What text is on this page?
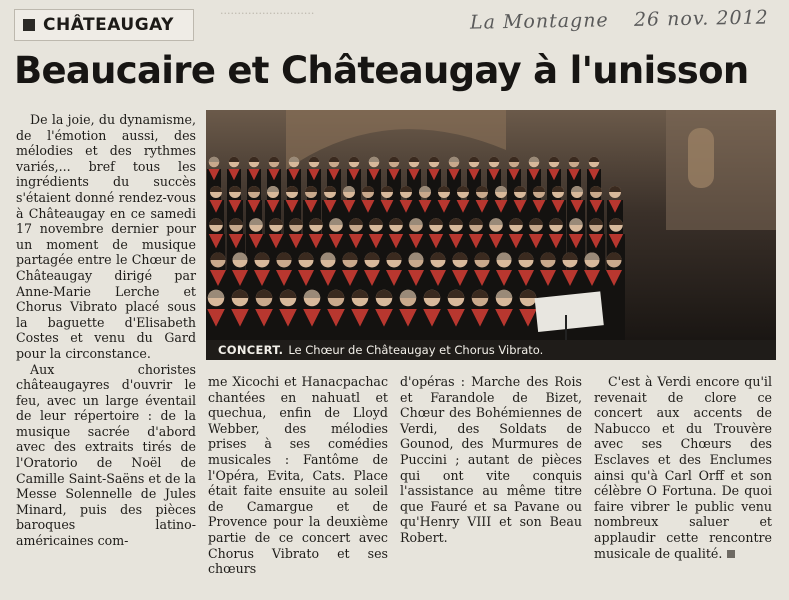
...........................
CHÂTEAUGAY	La Montagne 26 nov. 2012
Beaucaire et Châteaugay à l'unisson

De la joie, du dynamisme, de l'émotion aussi, des mélodies et des rythmes variés,... bref tous les ingrédients du succès s'étaient donné rendez-vous à Châteaugay en ce samedi 17 novembre dernier pour un moment de musique partagée entre le Chœur de Châteaugay dirigé par Anne-Marie Lerche et Chorus Vibrato placé sous la baguette d'Elisabeth Costes et venu du Gard pour la circonstance.

Aux choristes châteaugayres d'ouvrir le feu, avec un large éventail de leur répertoire : de la musique sacrée d'abord avec des extraits tirés de l'Oratorio de Noël de Camille Saint-Saëns et de la Messe Solennelle de Jules Minard, puis des pièces baroques latino-américaines com-

CONCERT. Le Chœur de Châteaugay et Chorus Vibrato.

me Xicochi et Hanacpachac chantées en nahuatl et quechua, enfin de Lloyd Webber, des mélodies prises à ses comédies musicales : Fantôme de l'Opéra, Evita, Cats. Place était faite ensuite au soleil de Camargue et de Provence pour la deuxième partie de ce concert avec Chorus Vibrato et ses chœurs

d'opéras : Marche des Rois et Farandole de Bizet, Chœur des Bohémiennes de Verdi, des Soldats de Gounod, des Murmures de Puccini ; autant de pièces qui ont vite conquis l'assistance au même titre que Fauré et sa Pavane ou qu'Henry VIII et son Beau Robert.

C'est à Verdi encore qu'il revenait de clore ce concert aux accents de Nabucco et du Trouvère avec ses Chœurs des Esclaves et des Enclumes ainsi qu'à Carl Orff et son célèbre O Fortuna. De quoi faire vibrer le public venu nombreux saluer et applaudir cette rencontre musicale de qualité.
